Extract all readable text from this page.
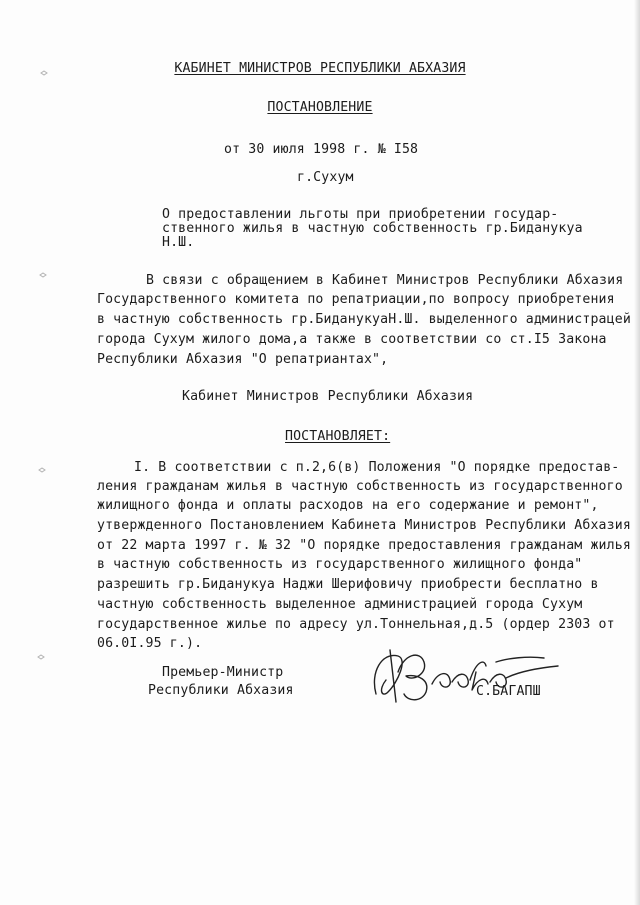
КАБИНЕТ МИНИСТРОВ РЕСПУБЛИКИ АБХАЗИЯ
ПОСТАНОВЛЕНИЕ
от 30 июля 1998 г. № I58
г.Сухум
О предоставлении льготы при приобретении государ-
ственного жилья в частную собственность гр.Биданукуа
Н.Ш.
В связи с обращением в Кабинет Министров Республики Абхазия
Государственного комитета по репатриации,по вопросу приобретения
в частную собственность гр.БиданукуаН.Ш. выделенного администрацей
города Сухум жилого дома,а также в соответствии со ст.I5 Закона
Республики Абхазия "О репатриантах",
Кабинет Министров Республики Абхазия
ПОСТАНОВЛЯЕТ:
I. В соответствии с п.2,6(в) Положения "О порядке предостав-
ления гражданам жилья в частную собственность из государственного
жилищного фонда и оплаты расходов на его содержание и ремонт",
утвержденного Постановлением Кабинета Министров Республики Абхазия
от 22 марта 1997 г. № 32 "О порядке предоставления гражданам жилья
в частную собственность из государственного жилищного фонда"
разрешить гр.Биданукуа Наджи Шерифовичу приобрести бесплатно в
частную собственность выделенное администрацией города Сухум
государственное жилье по адресу ул.Тоннельная,д.5 (ордер 2303 от
06.0I.95 г.).
Премьер-Министр
Республики Абхазия	С.БАГАПШ
